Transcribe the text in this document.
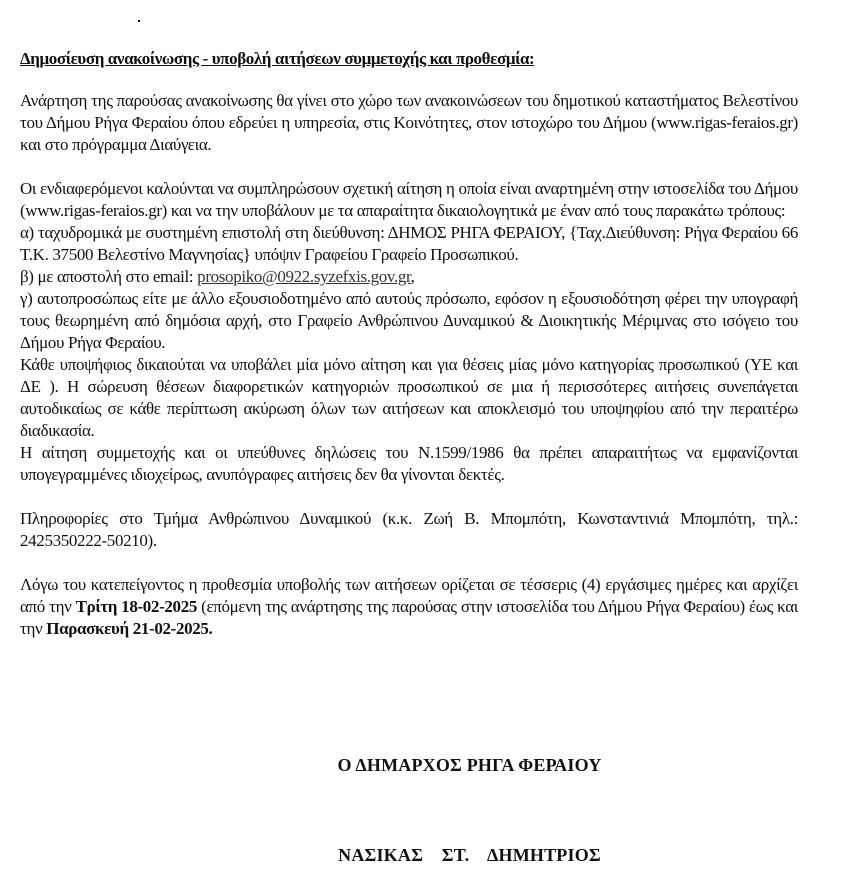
Δημοσίευση ανακοίνωσης - υποβολή αιτήσεων συμμετοχής και προθεσμία:

Ανάρτηση της παρούσας ανακοίνωσης θα γίνει στο χώρο των ανακοινώσεων του δημοτικού καταστήματος Βελεστίνου του Δήμου Ρήγα Φεραίου όπου εδρεύει η υπηρεσία, στις Κοινότητες, στον ιστοχώρο του Δήμου (www.rigas-feraios.gr) και στο πρόγραμμα Διαύγεια.

Οι ενδιαφερόμενοι καλούνται να συμπληρώσουν σχετική αίτηση η οποία είναι αναρτημένη στην ιστοσελίδα του Δήμου (www.rigas-feraios.gr) και να την υποβάλουν με τα απαραίτητα δικαιολογητικά με έναν από τους παρακάτω τρόπους:

α) ταχυδρομικά με συστημένη επιστολή στη διεύθυνση: ΔΗΜΟΣ ΡΗΓΑ ΦΕΡΑΙΟΥ, {Ταχ.Διεύθυνση: Ρήγα Φεραίου 66 Τ.Κ. 37500 Βελεστίνο Μαγνησίας} υπόψιν Γραφείου Γραφείο Προσωπικού.

β) με αποστολή στο email: prosopiko@0922.syzefxis.gov.gr,

γ) αυτοπροσώπως είτε με άλλο εξουσιοδοτημένο από αυτούς πρόσωπο, εφόσον η εξουσιοδότηση φέρει την υπογραφή τους θεωρημένη από δημόσια αρχή, στο Γραφείο Ανθρώπινου Δυναμικού & Διοικητικής Μέριμνας στο ισόγειο του Δήμου Ρήγα Φεραίου.

Κάθε υποψήφιος δικαιούται να υποβάλει μία μόνο αίτηση και για θέσεις μίας μόνο κατηγορίας προσωπικού (ΥΕ και ΔΕ ). Η σώρευση θέσεων διαφορετικών κατηγοριών προσωπικού σε μια ή περισσότερες αιτήσεις συνεπάγεται αυτοδικαίως σε κάθε περίπτωση ακύρωση όλων των αιτήσεων και αποκλεισμό του υποψηφίου από την περαιτέρω διαδικασία.

Η αίτηση συμμετοχής και οι υπεύθυνες δηλώσεις του Ν.1599/1986 θα πρέπει απαραιτήτως να εμφανίζονται υπογεγραμμένες ιδιοχείρως, ανυπόγραφες αιτήσεις δεν θα γίνονται δεκτές.

Πληροφορίες στο Τμήμα Ανθρώπινου Δυναμικού (κ.κ. Ζωή Β. Μπομπότη, Κωνσταντινιά Μπομπότη, τηλ.: 2425350222-50210).

Λόγω του κατεπείγοντος η προθεσμία υποβολής των αιτήσεων ορίζεται σε τέσσερις (4) εργάσιμες ημέρες και αρχίζει από την Τρίτη 18-02-2025 (επόμενη της ανάρτησης της παρούσας στην ιστοσελίδα του Δήμου Ρήγα Φεραίου) έως και την Παρασκευή 21-02-2025.

Ο ΔΗΜΑΡΧΟΣ ΡΗΓΑ ΦΕΡΑΙΟΥ
ΝΑΣΙΚΑΣ ΣΤ. ΔΗΜΗΤΡΙΟΣ
